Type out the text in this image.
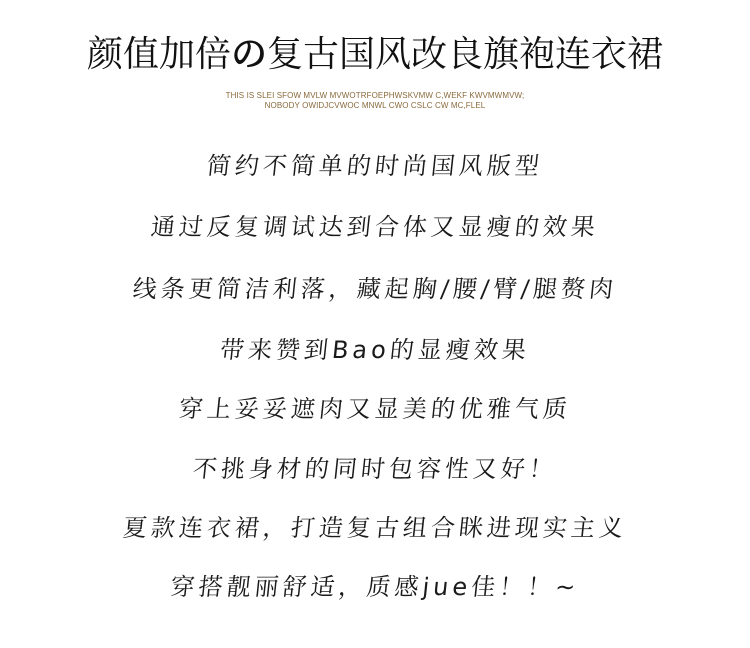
颜值加倍の复古国风改良旗袍连衣裙
THIS IS SLEI SFOW MVLW MVWOTRFOEPHWSKVMW C,WEKF KWVMWMVW;
NOBODY OWIDJCVWOC MNWL CWO CSLC CW MC,FLEL
简约不简单的时尚国风版型
通过反复调试达到合体又显瘦的效果
线条更简洁利落，藏起胸/腰/臂/腿赘肉
带来赞到Bao的显瘦效果
穿上妥妥遮肉又显美的优雅气质
不挑身材的同时包容性又好！
夏款连衣裙，打造复古组合眯进现实主义
穿搭靓丽舒适，质感jue佳！！~
